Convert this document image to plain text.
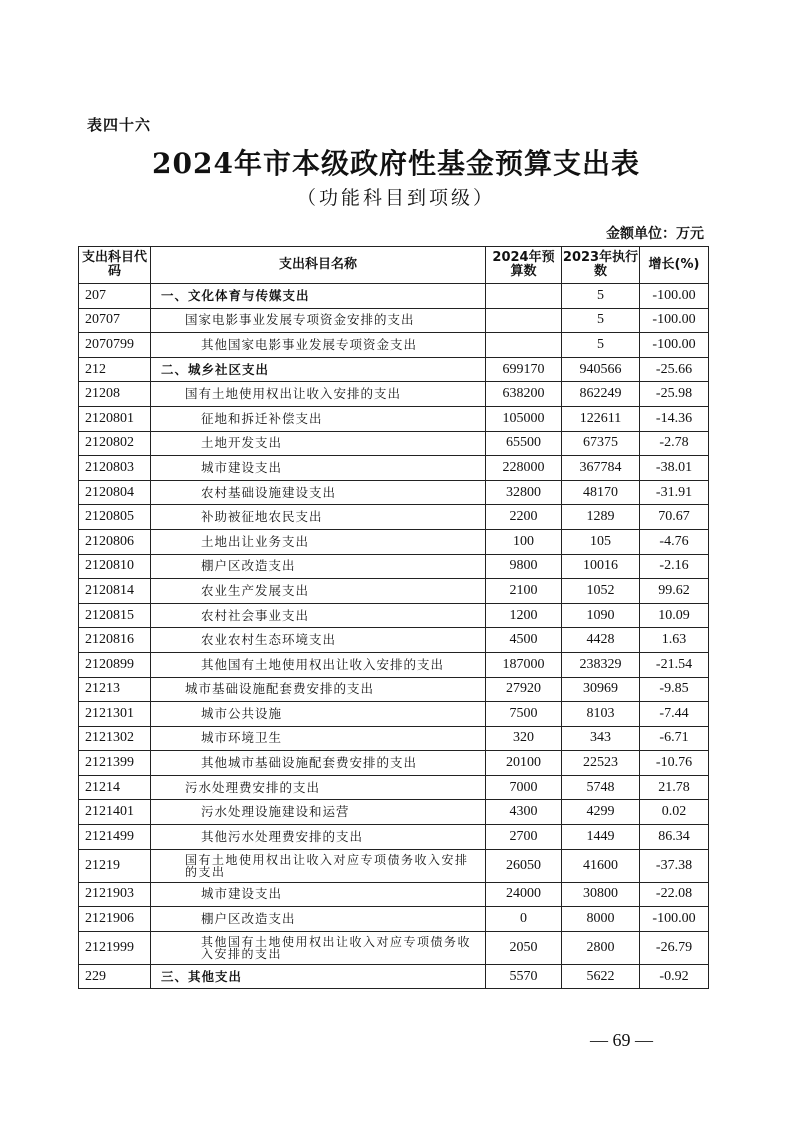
表四十六
2024年市本级政府性基金预算支出表
（功能科目到项级）
金额单位：万元
支出科目代码	支出科目名称	2024年预算数	2023年执行数	增长(%)
207	一、文化体育与传媒支出		5	-100.00
20707	国家电影事业发展专项资金安排的支出		5	-100.00
2070799	其他国家电影事业发展专项资金支出		5	-100.00
212	二、城乡社区支出	699170	940566	-25.66
21208	国有土地使用权出让收入安排的支出	638200	862249	-25.98
2120801	征地和拆迁补偿支出	105000	122611	-14.36
2120802	土地开发支出	65500	67375	-2.78
2120803	城市建设支出	228000	367784	-38.01
2120804	农村基础设施建设支出	32800	48170	-31.91
2120805	补助被征地农民支出	2200	1289	70.67
2120806	土地出让业务支出	100	105	-4.76
2120810	棚户区改造支出	9800	10016	-2.16
2120814	农业生产发展支出	2100	1052	99.62
2120815	农村社会事业支出	1200	1090	10.09
2120816	农业农村生态环境支出	4500	4428	1.63
2120899	其他国有土地使用权出让收入安排的支出	187000	238329	-21.54
21213	城市基础设施配套费安排的支出	27920	30969	-9.85
2121301	城市公共设施	7500	8103	-7.44
2121302	城市环境卫生	320	343	-6.71
2121399	其他城市基础设施配套费安排的支出	20100	22523	-10.76
21214	污水处理费安排的支出	7000	5748	21.78
2121401	污水处理设施建设和运营	4300	4299	0.02
2121499	其他污水处理费安排的支出	2700	1449	86.34
21219	国有土地使用权出让收入对应专项债务收入安排的支出	26050	41600	-37.38
2121903	城市建设支出	24000	30800	-22.08
2121906	棚户区改造支出	0	8000	-100.00
2121999	其他国有土地使用权出让收入对应专项债务收入安排的支出	2050	2800	-26.79
229	三、其他支出	5570	5622	-0.92
— 69 —
